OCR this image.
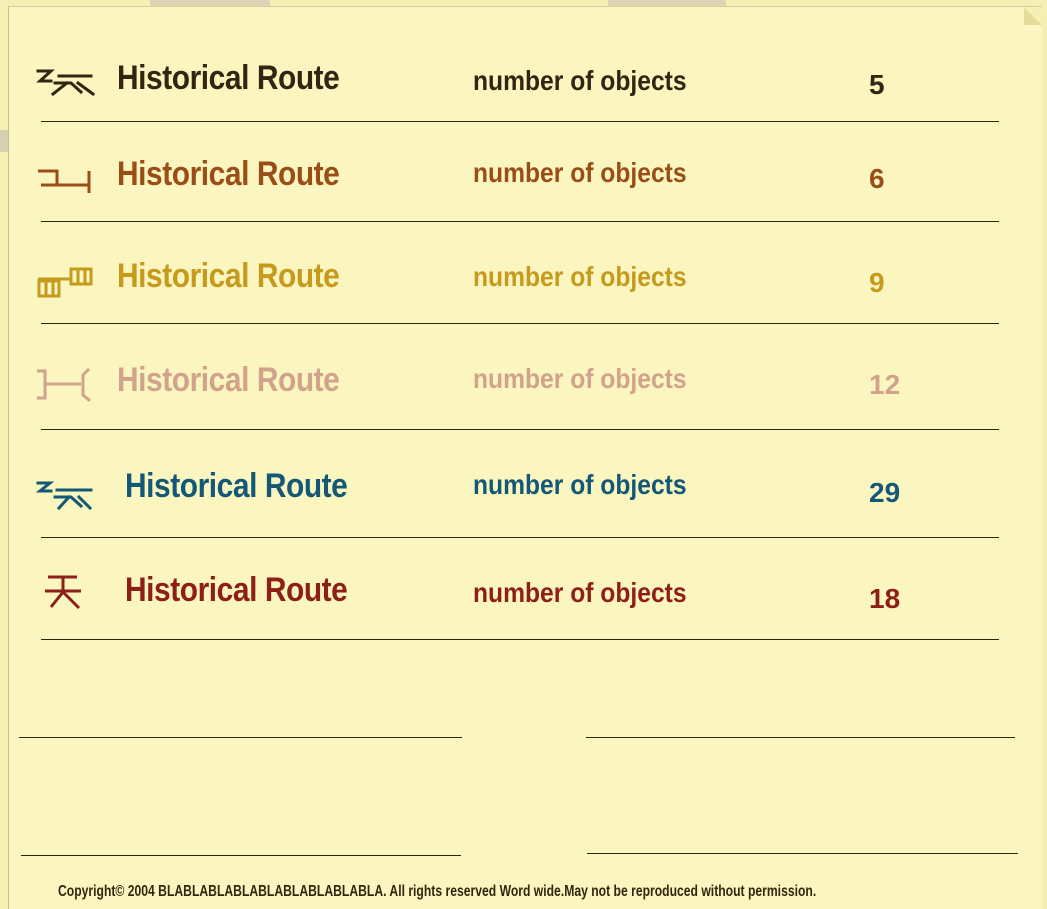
Historical Route	number of objects	5
Historical Route	number of objects	6
Historical Route	number of objects	9
Historical Route	number of objects	12
Historical Route	number of objects	29
Historical Route	number of objects	18
Copyright© 2004 BLABLABLABLABLABLABLABLABLA. All rights reserved Word wide.May not be reproduced without permission.
